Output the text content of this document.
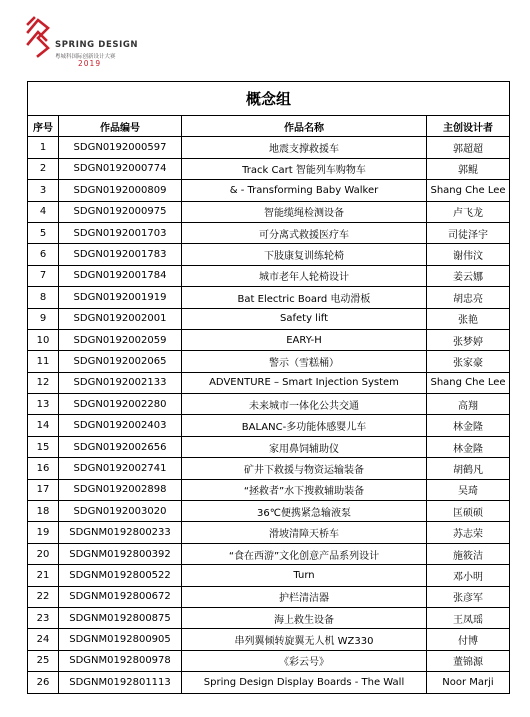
SPRING DESIGN
粤城科国际创新设计大赛
2019
概念组			
序号	作品编号	作品名称	主创设计者
1	SDGN0192000597	地震支撑救援车	郭超超
2	SDGN0192000774	Track Cart 智能列车购物车	郭鲲
3	SDGN0192000809	& - Transforming Baby Walker	Shang Che Lee
4	SDGN0192000975	智能缆绳检测设备	卢飞龙
5	SDGN0192001703	可分离式救援医疗车	司徒泽宇
6	SDGN0192001783	下肢康复训练轮椅	谢伟汶
7	SDGN0192001784	城市老年人轮椅设计	姜云娜
8	SDGN0192001919	Bat Electric Board 电动滑板	胡忠亮
9	SDGN0192002001	Safety lift	张艳
10	SDGN0192002059	EARY-H	张梦婷
11	SDGN0192002065	警示（雪糕桶）	张家豪
12	SDGN0192002133	ADVENTURE – Smart Injection System	Shang Che Lee
13	SDGN0192002280	未来城市一体化公共交通	高翔
14	SDGN0192002403	BALANC-多功能体感婴儿车	林金隆
15	SDGN0192002656	家用鼻饲辅助仪	林金隆
16	SDGN0192002741	矿井下救援与物资运输装备	胡鹤凡
17	SDGN0192002898	“拯救者”水下搜救辅助装备	吴琦
18	SDGN0192003020	36℃便携紧急输液泵	匡硕硕
19	SDGNM0192800233	滑坡清障天桥车	苏志荣
20	SDGNM0192800392	“食在西游”文化创意产品系列设计	施筱洁
21	SDGNM0192800522	Turn	邓小明
22	SDGNM0192800672	护栏清洁器	张彦军
23	SDGNM0192800875	海上救生设备	王凤瑶
24	SDGNM0192800905	串列翼倾转旋翼无人机 WZ330	付博
25	SDGNM0192800978	《彩云号》	董锦源
26	SDGNM0192801113	Spring Design Display Boards - The Wall	Noor Marji
